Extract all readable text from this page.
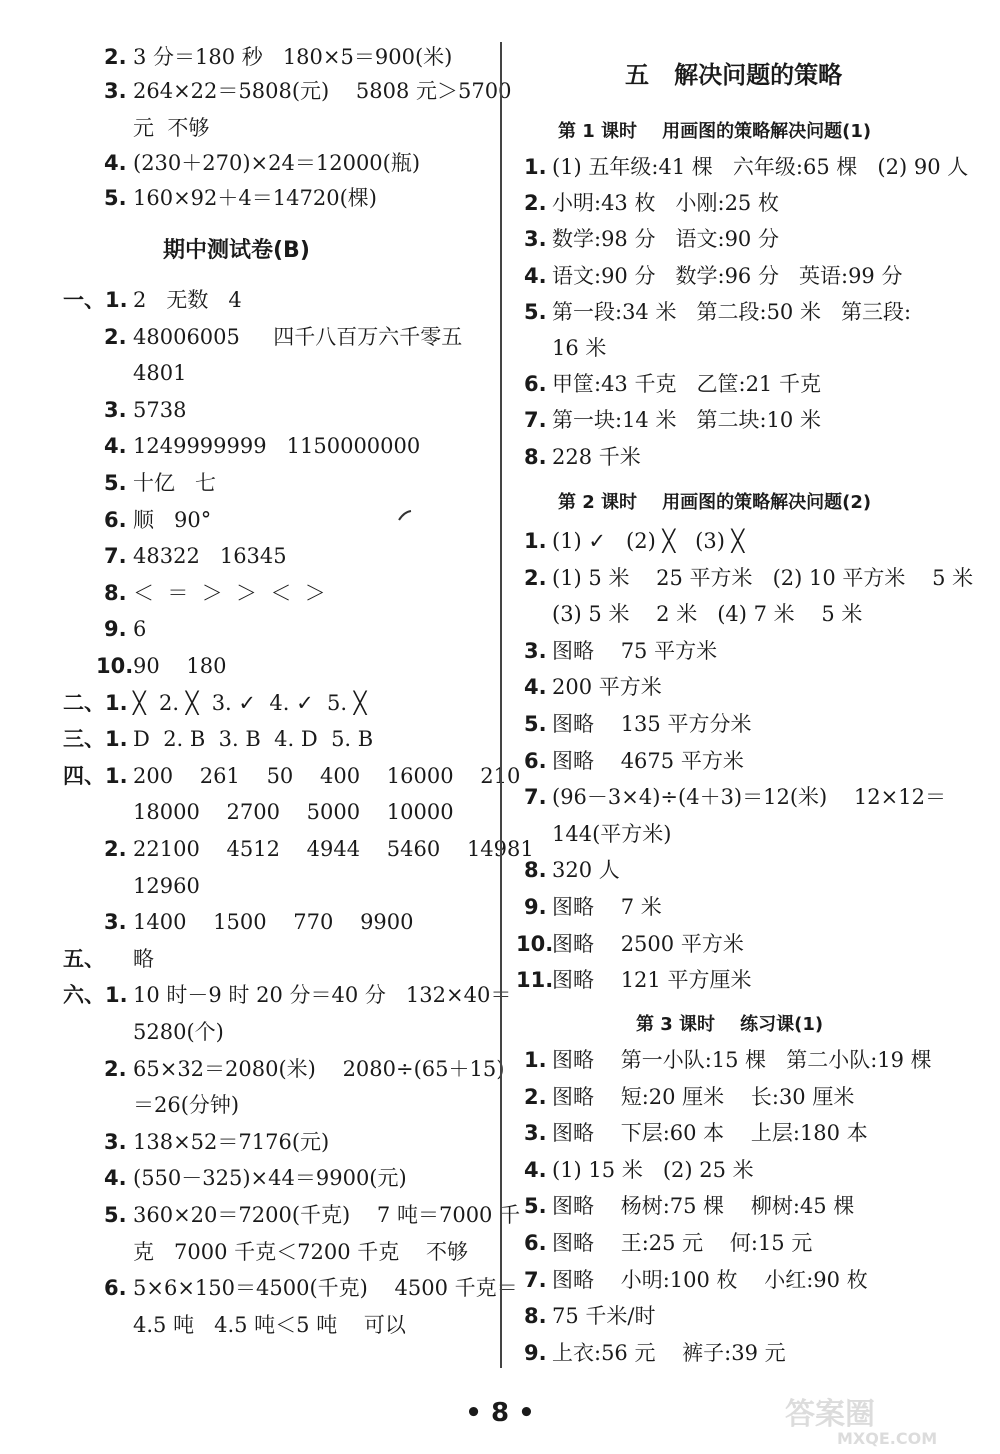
2. 3 分＝180 秒   180×5＝900(米)
3. 264×22＝5808(元)    5808 元＞5700
元  不够
4. (230＋270)×24＝12000(瓶)
5. 160×92＋4＝14720(棵)
期中测试卷(B)
一、1. 2   无数   4
2. 48006005     四千八百万六千零五
4801
3. 5738
4. 1249999999   1150000000
5. 十亿   七
6. 顺   90°
7. 48322   16345
8. ＜  ＝  ＞  ＞  ＜  ＞
9. 6
10. 90    180
二、1. ╳  2. ╳  3. ✓  4. ✓  5. ╳
三、1. D  2. B  3. B  4. D  5. B
四、1. 200    261    50    400    16000    210
18000    2700    5000    10000
2. 22100    4512    4944    5460    14981
12960
3. 1400    1500    770    9900
五、 略
六、1. 10 时－9 时 20 分＝40 分   132×40＝
5280(个)
2. 65×32＝2080(米)    2080÷(65＋15)
＝26(分钟)
3. 138×52＝7176(元)
4. (550－325)×44＝9900(元)
5. 360×20＝7200(千克)    7 吨＝7000 千
克   7000 千克＜7200 千克    不够
6. 5×6×150＝4500(千克)    4500 千克＝
4.5 吨   4.5 吨＜5 吨    可以
五   解决问题的策略
第 1 课时    用画图的策略解决问题(1)
1. (1) 五年级:41 棵   六年级:65 棵   (2) 90 人
2. 小明:43 枚   小刚:25 枚
3. 数学:98 分   语文:90 分
4. 语文:90 分   数学:96 分   英语:99 分
5. 第一段:34 米   第二段:50 米   第三段:
16 米
6. 甲筐:43 千克   乙筐:21 千克
7. 第一块:14 米   第二块:10 米
8. 228 千米
第 2 课时    用画图的策略解决问题(2)
1. (1) ✓   (2) ╳   (3) ╳
2. (1) 5 米    25 平方米   (2) 10 平方米    5 米
(3) 5 米    2 米   (4) 7 米    5 米
3. 图略    75 平方米
4. 200 平方米
5. 图略    135 平方分米
6. 图略    4675 平方米
7. (96－3×4)÷(4＋3)＝12(米)    12×12＝
144(平方米)
8. 320 人
9. 图略    7 米
10.
图略    2500 平方米
11.
图略    121 平方厘米
第 3 课时    练习课(1)
1. 图略    第一小队:15 棵   第二小队:19 棵
2. 图略    短:20 厘米    长:30 厘米
3. 图略    下层:60 本    上层:180 本
4. (1) 15 米   (2) 25 米
5. 图略    杨树:75 棵    柳树:45 棵
6. 图略    王:25 元    何:15 元
7. 图略    小明:100 枚    小红:90 枚
8. 75 千米/时
9. 上衣:56 元    裤子:39 元
• 8 •	答案圈
MXQE.COM
